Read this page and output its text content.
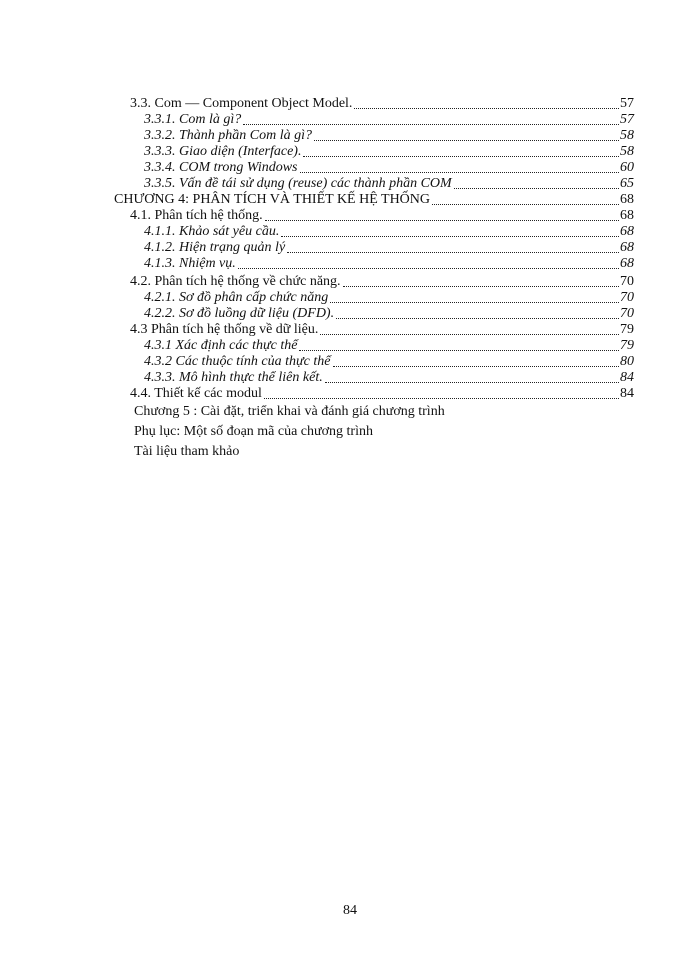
3.3. Com — Component Object Model.	57
3.3.1. Com là gì?	57
3.3.2. Thành phần Com là gì?	58
3.3.3. Giao diện (Interface).	58
3.3.4. COM trong Windows	60
3.3.5. Vấn đề tái sử dụng (reuse) các thành phần COM	65
CHƯƠNG 4: PHÂN TÍCH VÀ THIẾT KẾ HỆ THỐNG	68
4.1. Phân tích hệ thống.	68
4.1.1. Khảo sát yêu cầu.	68
4.1.2. Hiện trạng quản lý	68
4.1.3. Nhiệm vụ.	68
4.2. Phân tích hệ thống về chức năng.	70
4.2.1. Sơ đồ phân cấp chức năng	70
4.2.2. Sơ đồ luồng dữ liệu (DFD).	70
4.3 Phân tích hệ thống về dữ liệu.	79
4.3.1 Xác định các thực thể	79
4.3.2 Các thuộc tính của thực thể	80
4.3.3. Mô hình thực thể liên kết.	84
4.4. Thiết kế các modul	84
Chương 5 : Cài đặt, triển khai và đánh giá chương trình
Phụ lục: Một số đoạn mã của chương trình
Tài liệu tham khảo
84
